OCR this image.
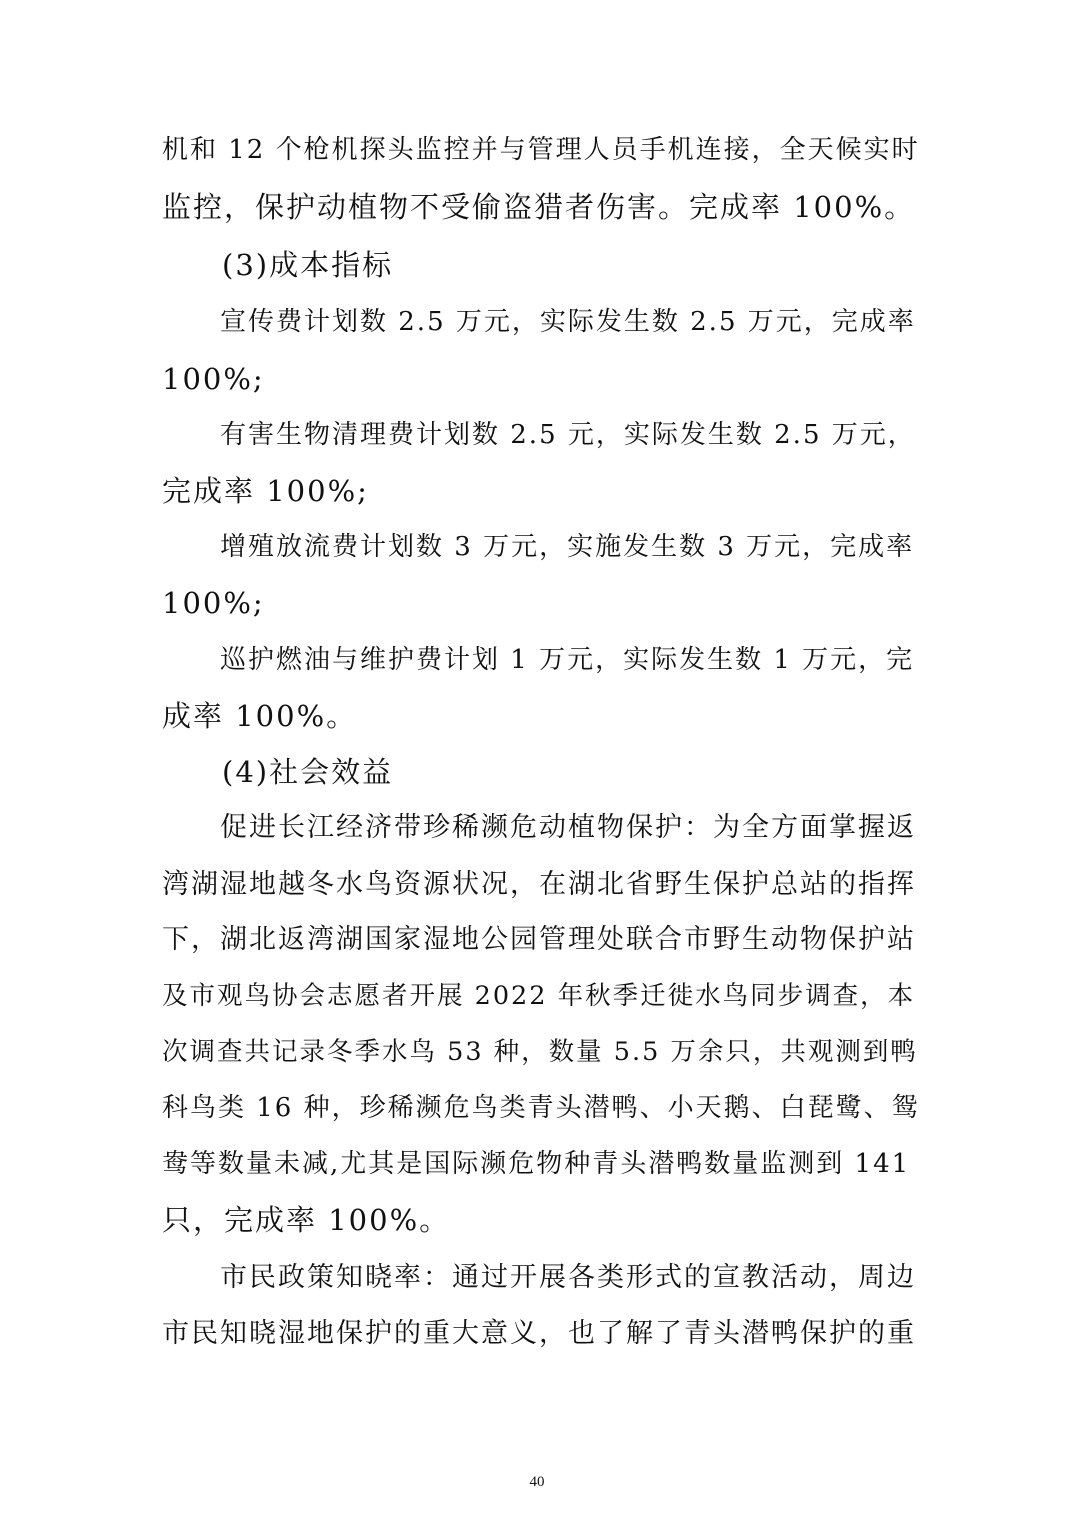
机和 12 个枪机探头监控并与管理人员手机连接，全天候实时

监控，保护动植物不受偷盗猎者伤害。完成率 100%。

(3)成本指标

宣传费计划数 2.5 万元，实际发生数 2.5 万元，完成率

100%;

有害生物清理费计划数 2.5 元，实际发生数 2.5 万元，

完成率 100%;

增殖放流费计划数 3 万元，实施发生数 3 万元，完成率

100%;

巡护燃油与维护费计划 1 万元，实际发生数 1 万元，完

成率 100%。

(4)社会效益

促进长江经济带珍稀濒危动植物保护：为全方面掌握返

湾湖湿地越冬水鸟资源状况，在湖北省野生保护总站的指挥

下，湖北返湾湖国家湿地公园管理处联合市野生动物保护站

及市观鸟协会志愿者开展 2022 年秋季迁徙水鸟同步调查，本

次调查共记录冬季水鸟 53 种，数量 5.5 万余只，共观测到鸭

科鸟类 16 种，珍稀濒危鸟类青头潜鸭、小天鹅、白琵鹭、鸳

鸯等数量未减,尤其是国际濒危物种青头潜鸭数量监测到 141

只，完成率 100%。

市民政策知晓率：通过开展各类形式的宣教活动，周边

市民知晓湿地保护的重大意义，也了解了青头潜鸭保护的重

40
